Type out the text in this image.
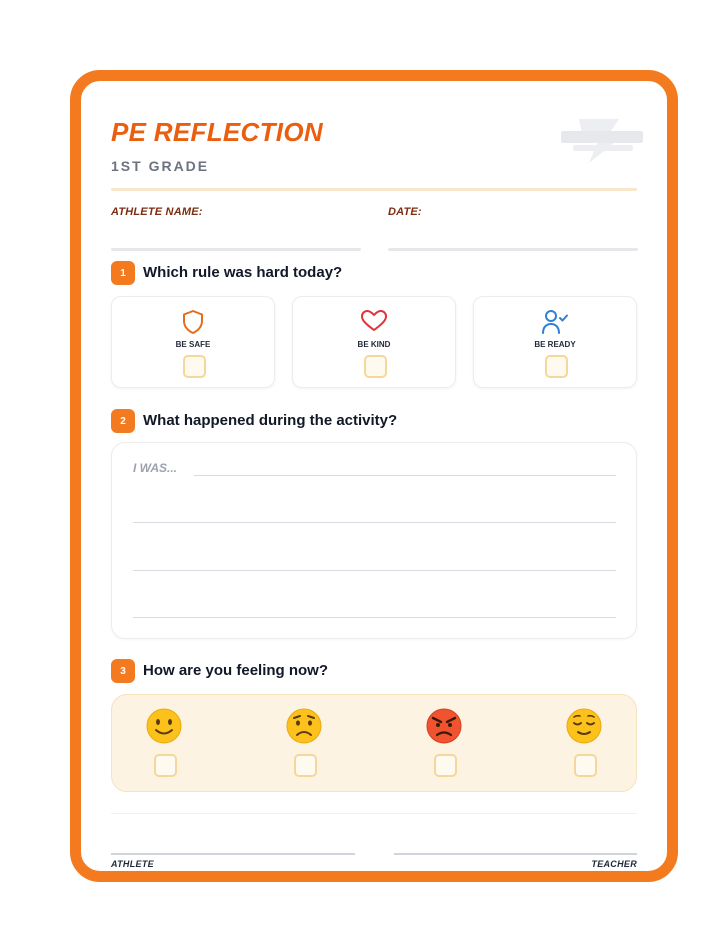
PE REFLECTION
1ST GRADE
ATHLETE NAME:	DATE:
1	Which rule was hard today?
BE SAFE	BE KIND	BE READY
2	What happened during the activity?
I WAS...
3	How are you feeling now?
ATHLETE	TEACHER
